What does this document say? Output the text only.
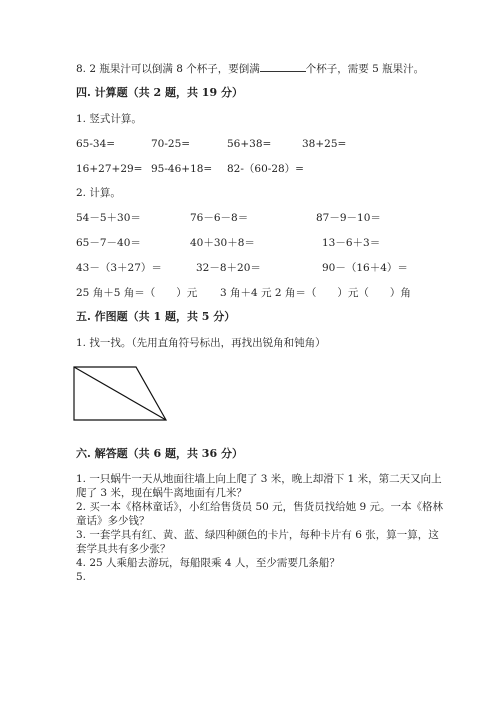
8. 2 瓶果汁可以倒满 8 个杯子，要倒满	个杯子，需要 5 瓶果汁。
四. 计算题（共 2 题，共 19 分）
1. 竖式计算。
65-34=	70-25=	56+38=	38+25=
16+27+29= 95-46+18= 82-（60-28）=
2. 计算。
54－5＋30＝	76－6－8＝	87－9－10＝
65－7－40＝	40＋30＋8＝	13－6＋3＝
43－（3＋27）＝	32－8＋20＝	90－（16＋4）＝
25 角＋5 角＝（　　）元 3 角＋4 元 2 角＝（　　）元（　　）角
五. 作图题（共 1 题，共 5 分）
1. 找一找。（先用直角符号标出，再找出锐角和钝角）
六. 解答题（共 6 题，共 36 分）
1. 一只蜗牛一天从地面往墙上向上爬了 3 米，晚上却滑下 1 米，第二天又向上
爬了 3 米，现在蜗牛离地面有几米？
2. 买一本《格林童话》，小红给售货员 50 元，售货员找给她 9 元。一本《格林
童话》多少钱？
3. 一套学具有红、黄、蓝、绿四种颜色的卡片，每种卡片有 6 张，算一算，这
套学具共有多少张？
4. 25 人乘船去游玩，每船限乘 4 人，至少需要几条船？
5.
